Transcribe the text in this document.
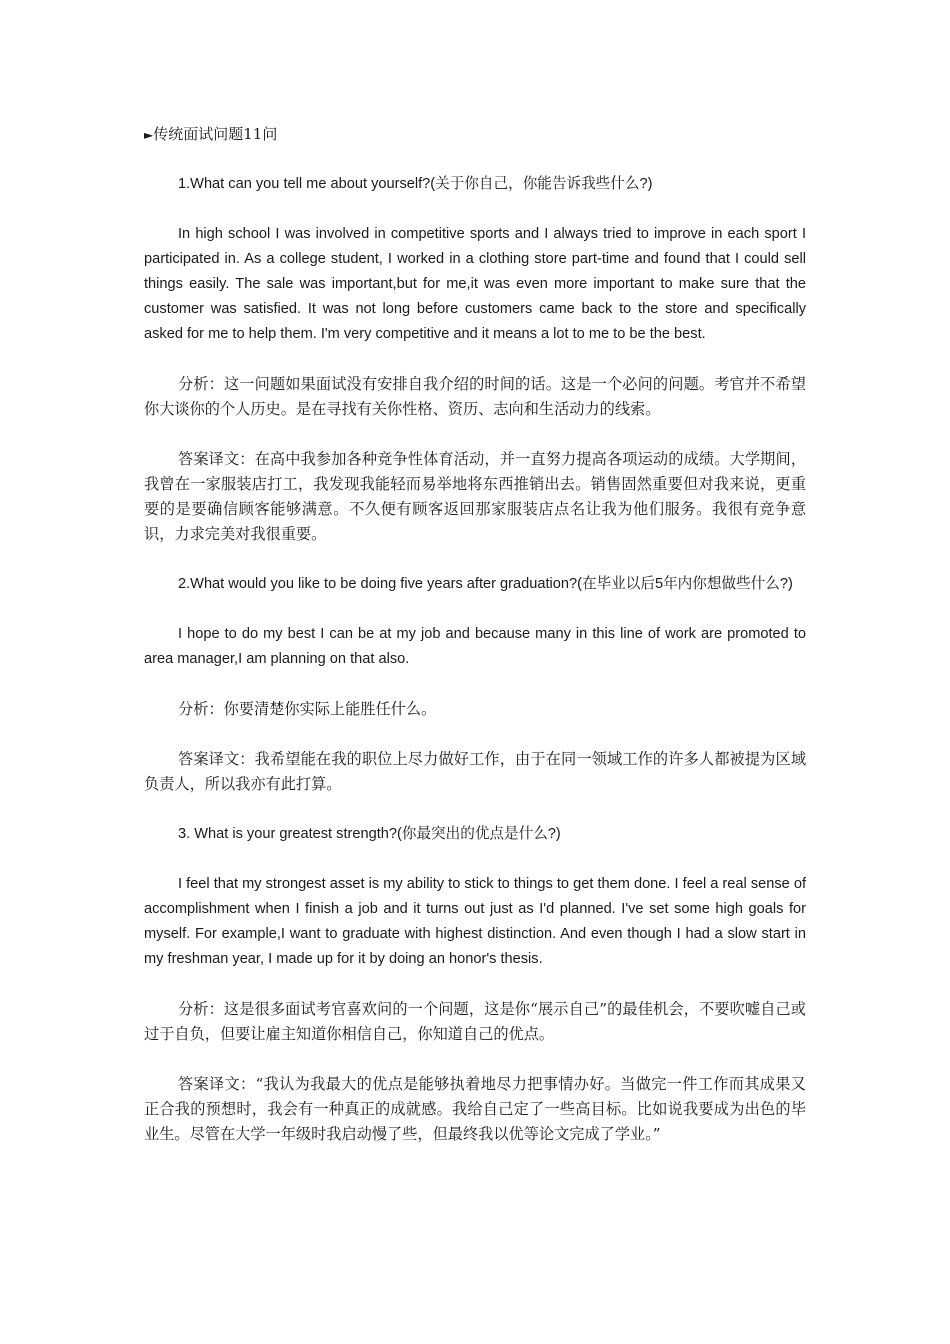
►传统面试问题11问

1.What can you tell me about yourself?(关于你自己，你能告诉我些什么?)

In high school I was involved in competitive sports and I always tried to improve in each sport I participated in. As a college student, I worked in a clothing store part-time and found that I could sell things easily. The sale was important,but for me,it was even more important to make sure that the customer was satisfied. It was not long before customers came back to the store and specifically asked for me to help them. I'm very competitive and it means a lot to me to be the best.

分析：这一问题如果面试没有安排自我介绍的时间的话。这是一个必问的问题。考官并不希望你大谈你的个人历史。是在寻找有关你性格、资历、志向和生活动力的线索。

答案译文：在高中我参加各种竞争性体育活动，并一直努力提高各项运动的成绩。大学期间，我曾在一家服装店打工，我发现我能轻而易举地将东西推销出去。销售固然重要但对我来说，更重要的是要确信顾客能够满意。不久便有顾客返回那家服装店点名让我为他们服务。我很有竞争意识，力求完美对我很重要。

2.What would you like to be doing five years after graduation?(在毕业以后5年内你想做些什么?)

I hope to do my best I can be at my job and because many in this line of work are promoted to area manager,I am planning on that also.

分析：你要清楚你实际上能胜任什么。

答案译文：我希望能在我的职位上尽力做好工作，由于在同一领域工作的许多人都被提为区域负责人，所以我亦有此打算。

3. What is your greatest strength?(你最突出的优点是什么?)

I feel that my strongest asset is my ability to stick to things to get them done. I feel a real sense of accomplishment when I finish a job and it turns out just as I'd planned. I've set some high goals for myself. For example,I want to graduate with highest distinction. And even though I had a slow start in my freshman year, I made up for it by doing an honor's thesis.

分析：这是很多面试考官喜欢问的一个问题，这是你“展示自己”的最佳机会，不要吹嘘自己或过于自负，但要让雇主知道你相信自己，你知道自己的优点。

答案译文：“我认为我最大的优点是能够执着地尽力把事情办好。当做完一件工作而其成果又正合我的预想时，我会有一种真正的成就感。我给自己定了一些高目标。比如说我要成为出色的毕业生。尽管在大学一年级时我启动慢了些，但最终我以优等论文完成了学业。”
